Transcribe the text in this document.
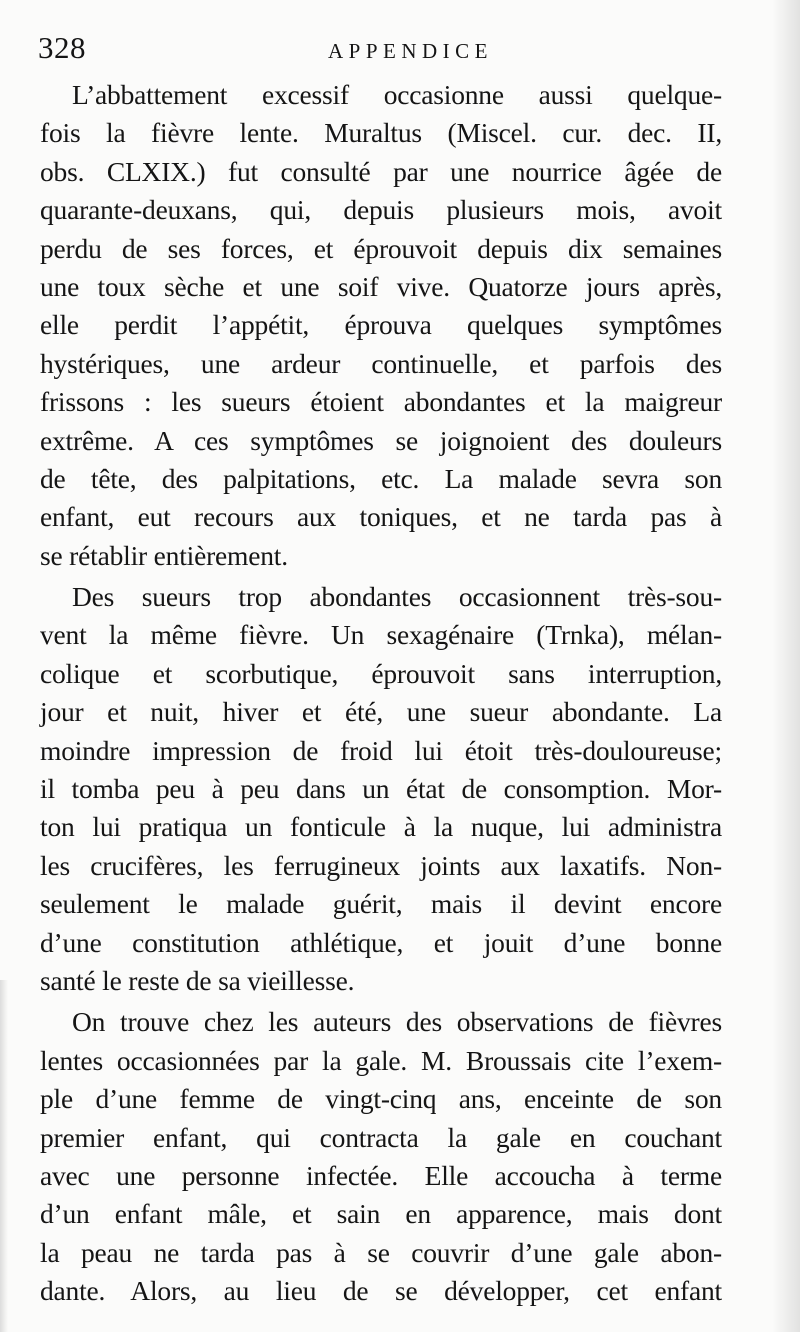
328	APPENDICE

L’abbattement excessif occasionne aussi quelque-
fois la fièvre lente. Muraltus (Miscel. cur. dec. II,
obs. CLXIX.) fut consulté par une nourrice âgée de
quarante-deuxans, qui, depuis plusieurs mois, avoit
perdu de ses forces, et éprouvoit depuis dix semaines
une toux sèche et une soif vive. Quatorze jours après,
elle perdit l’appétit, éprouva quelques symptômes
hystériques, une ardeur continuelle, et parfois des
frissons : les sueurs étoient abondantes et la maigreur
extrême. A ces symptômes se joignoient des douleurs
de tête, des palpitations, etc. La malade sevra son
enfant, eut recours aux toniques, et ne tarda pas à
se rétablir entièrement.

Des sueurs trop abondantes occasionnent très-sou-
vent la même fièvre. Un sexagénaire (Trnka), mélan-
colique et scorbutique, éprouvoit sans interruption,
jour et nuit, hiver et été, une sueur abondante. La
moindre impression de froid lui étoit très-douloureuse;
il tomba peu à peu dans un état de consomption. Mor-
ton lui pratiqua un fonticule à la nuque, lui administra
les crucifères, les ferrugineux joints aux laxatifs. Non-
seulement le malade guérit, mais il devint encore
d’une constitution athlétique, et jouit d’une bonne
santé le reste de sa vieillesse.

On trouve chez les auteurs des observations de fièvres
lentes occasionnées par la gale. M. Broussais cite l’exem-
ple d’une femme de vingt-cinq ans, enceinte de son
premier enfant, qui contracta la gale en couchant
avec une personne infectée. Elle accoucha à terme
d’un enfant mâle, et sain en apparence, mais dont
la peau ne tarda pas à se couvrir d’une gale abon-
dante. Alors, au lieu de se développer, cet enfant
